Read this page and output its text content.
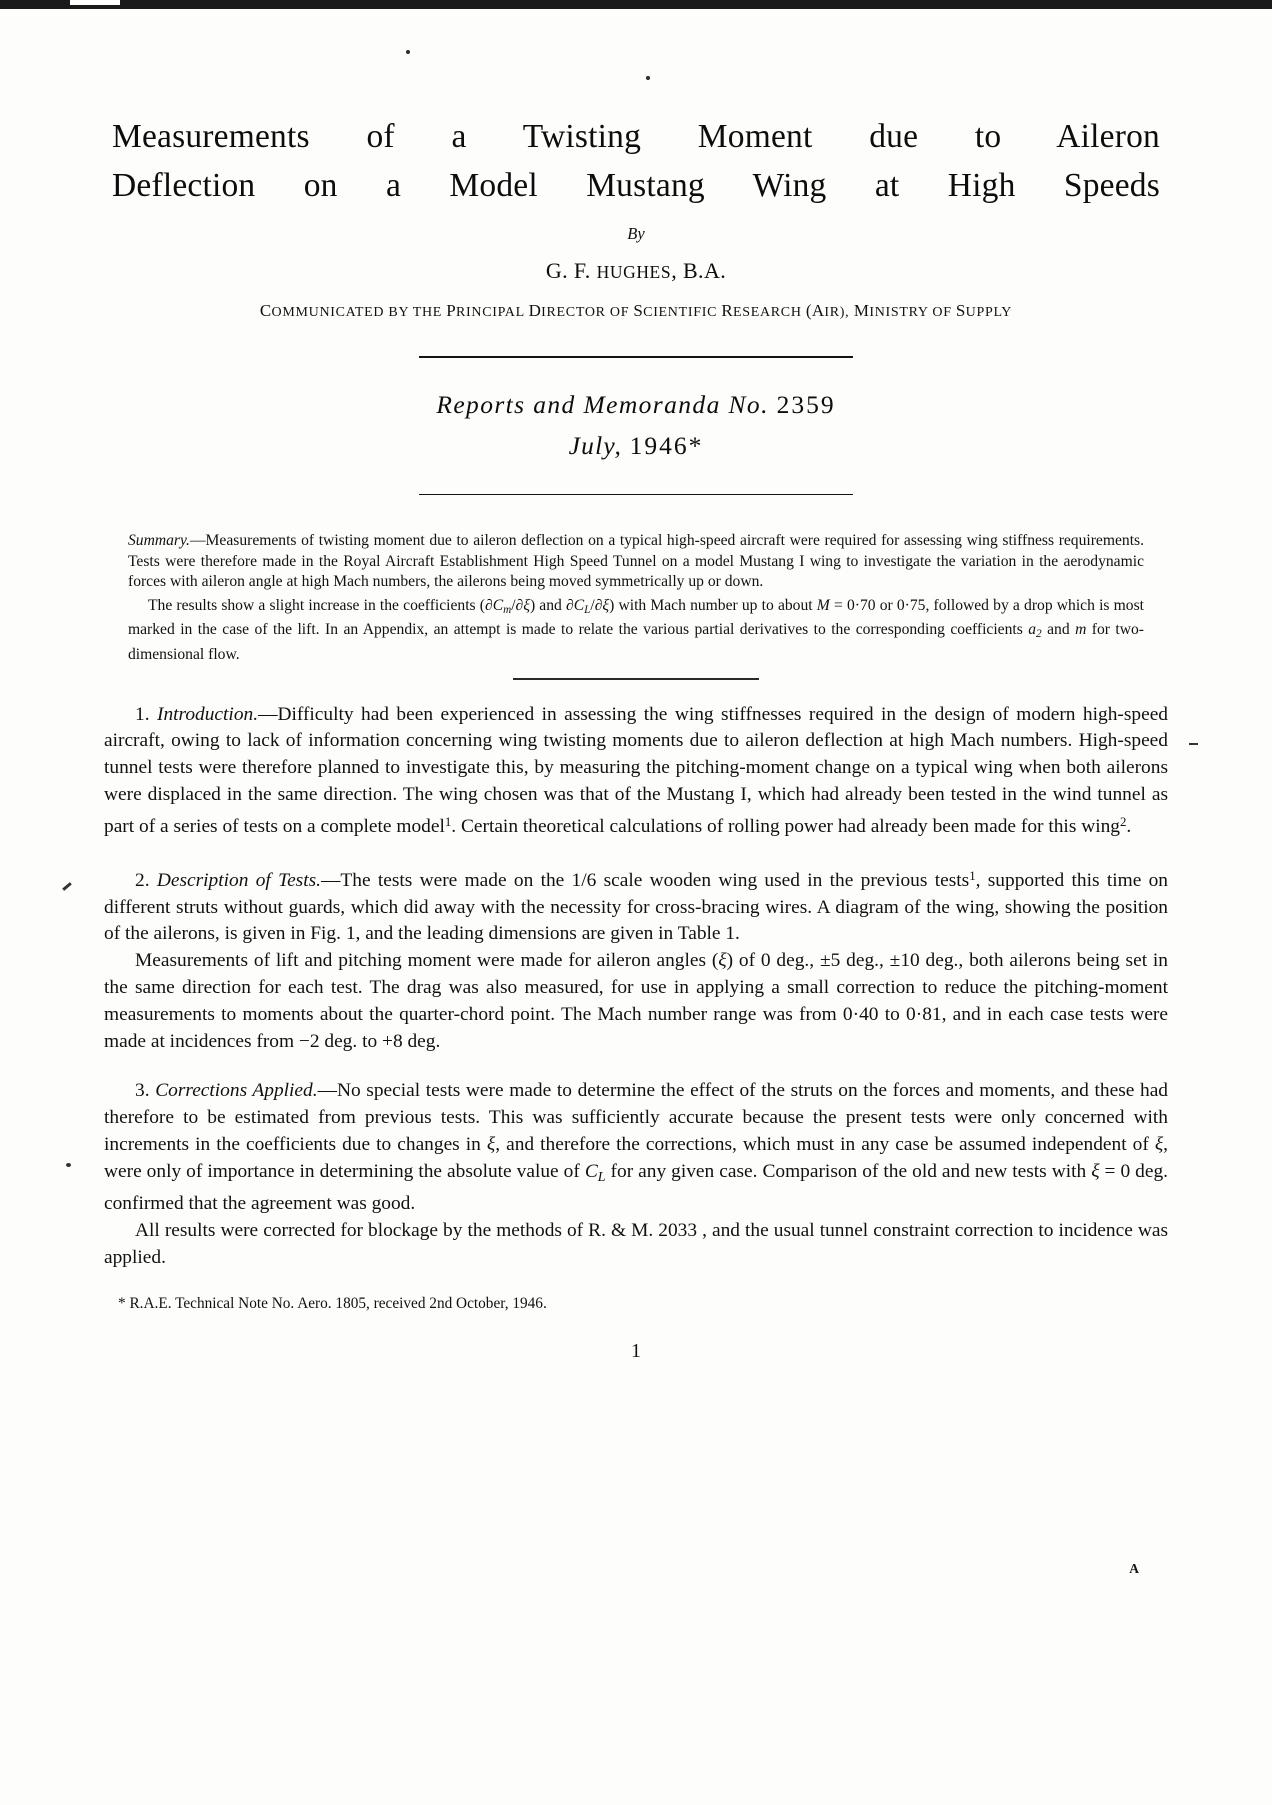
Measurements of a Twisting Moment due to Aileron
Deflection on a Model Mustang Wing at High Speeds
By
G. F. HUGHES, B.A.
COMMUNICATED BY THE PRINCIPAL DIRECTOR OF SCIENTIFIC RESEARCH (AIR), MINISTRY OF SUPPLY
Reports and Memoranda No. 2359
July, 1946*

Summary.—Measurements of twisting moment due to aileron deflection on a typical high-speed aircraft were required for assessing wing stiffness requirements. Tests were therefore made in the Royal Aircraft Establishment High Speed Tunnel on a model Mustang I wing to investigate the variation in the aerodynamic forces with aileron angle at high Mach numbers, the ailerons being moved symmetrically up or down.

The results show a slight increase in the coefficients $(\partial C_m/\partial\xi)$ and $\partial C_L/\partial\xi$) with Mach number up to about M = 0·70 or 0·75, followed by a drop which is most marked in the case of the lift. In an Appendix, an attempt is made to relate the various partial derivatives to the corresponding coefficients $a_2$ and m for two-dimensional flow.

1. Introduction.—Difficulty had been experienced in assessing the wing stiffnesses required in the design of modern high-speed aircraft, owing to lack of information concerning wing twisting moments due to aileron deflection at high Mach numbers. High-speed tunnel tests were therefore planned to investigate this, by measuring the pitching-moment change on a typical wing when both ailerons were displaced in the same direction. The wing chosen was that of the Mustang I, which had already been tested in the wind tunnel as part of a series of tests on a complete model$^1$. Certain theoretical calculations of rolling power had already been made for this wing$^2$.

2. Description of Tests.—The tests were made on the 1/6 scale wooden wing used in the previous tests$^1$, supported this time on different struts without guards, which did away with the necessity for cross-bracing wires. A diagram of the wing, showing the position of the ailerons, is given in Fig. 1, and the leading dimensions are given in Table 1.

Measurements of lift and pitching moment were made for aileron angles (ξ) of 0 deg., ±5 deg., ±10 deg., both ailerons being set in the same direction for each test. The drag was also measured, for use in applying a small correction to reduce the pitching-moment measurements to moments about the quarter-chord point. The Mach number range was from 0·40 to 0·81, and in each case tests were made at incidences from −2 deg. to +8 deg.

3. Corrections Applied.—No special tests were made to determine the effect of the struts on the forces and moments, and these had therefore to be estimated from previous tests. This was sufficiently accurate because the present tests were only concerned with increments in the coefficients due to changes in ξ, and therefore the corrections, which must in any case be assumed independent of ξ, were only of importance in determining the absolute value of $C_L$ for any given case. Comparison of the old and new tests with ξ = 0 deg. confirmed that the agreement was good.

All results were corrected for blockage by the methods of R. & M. 2033 , and the usual tunnel constraint correction to incidence was applied.

* R.A.E. Technical Note No. Aero. 1805, received 2nd October, 1946.

1
A
